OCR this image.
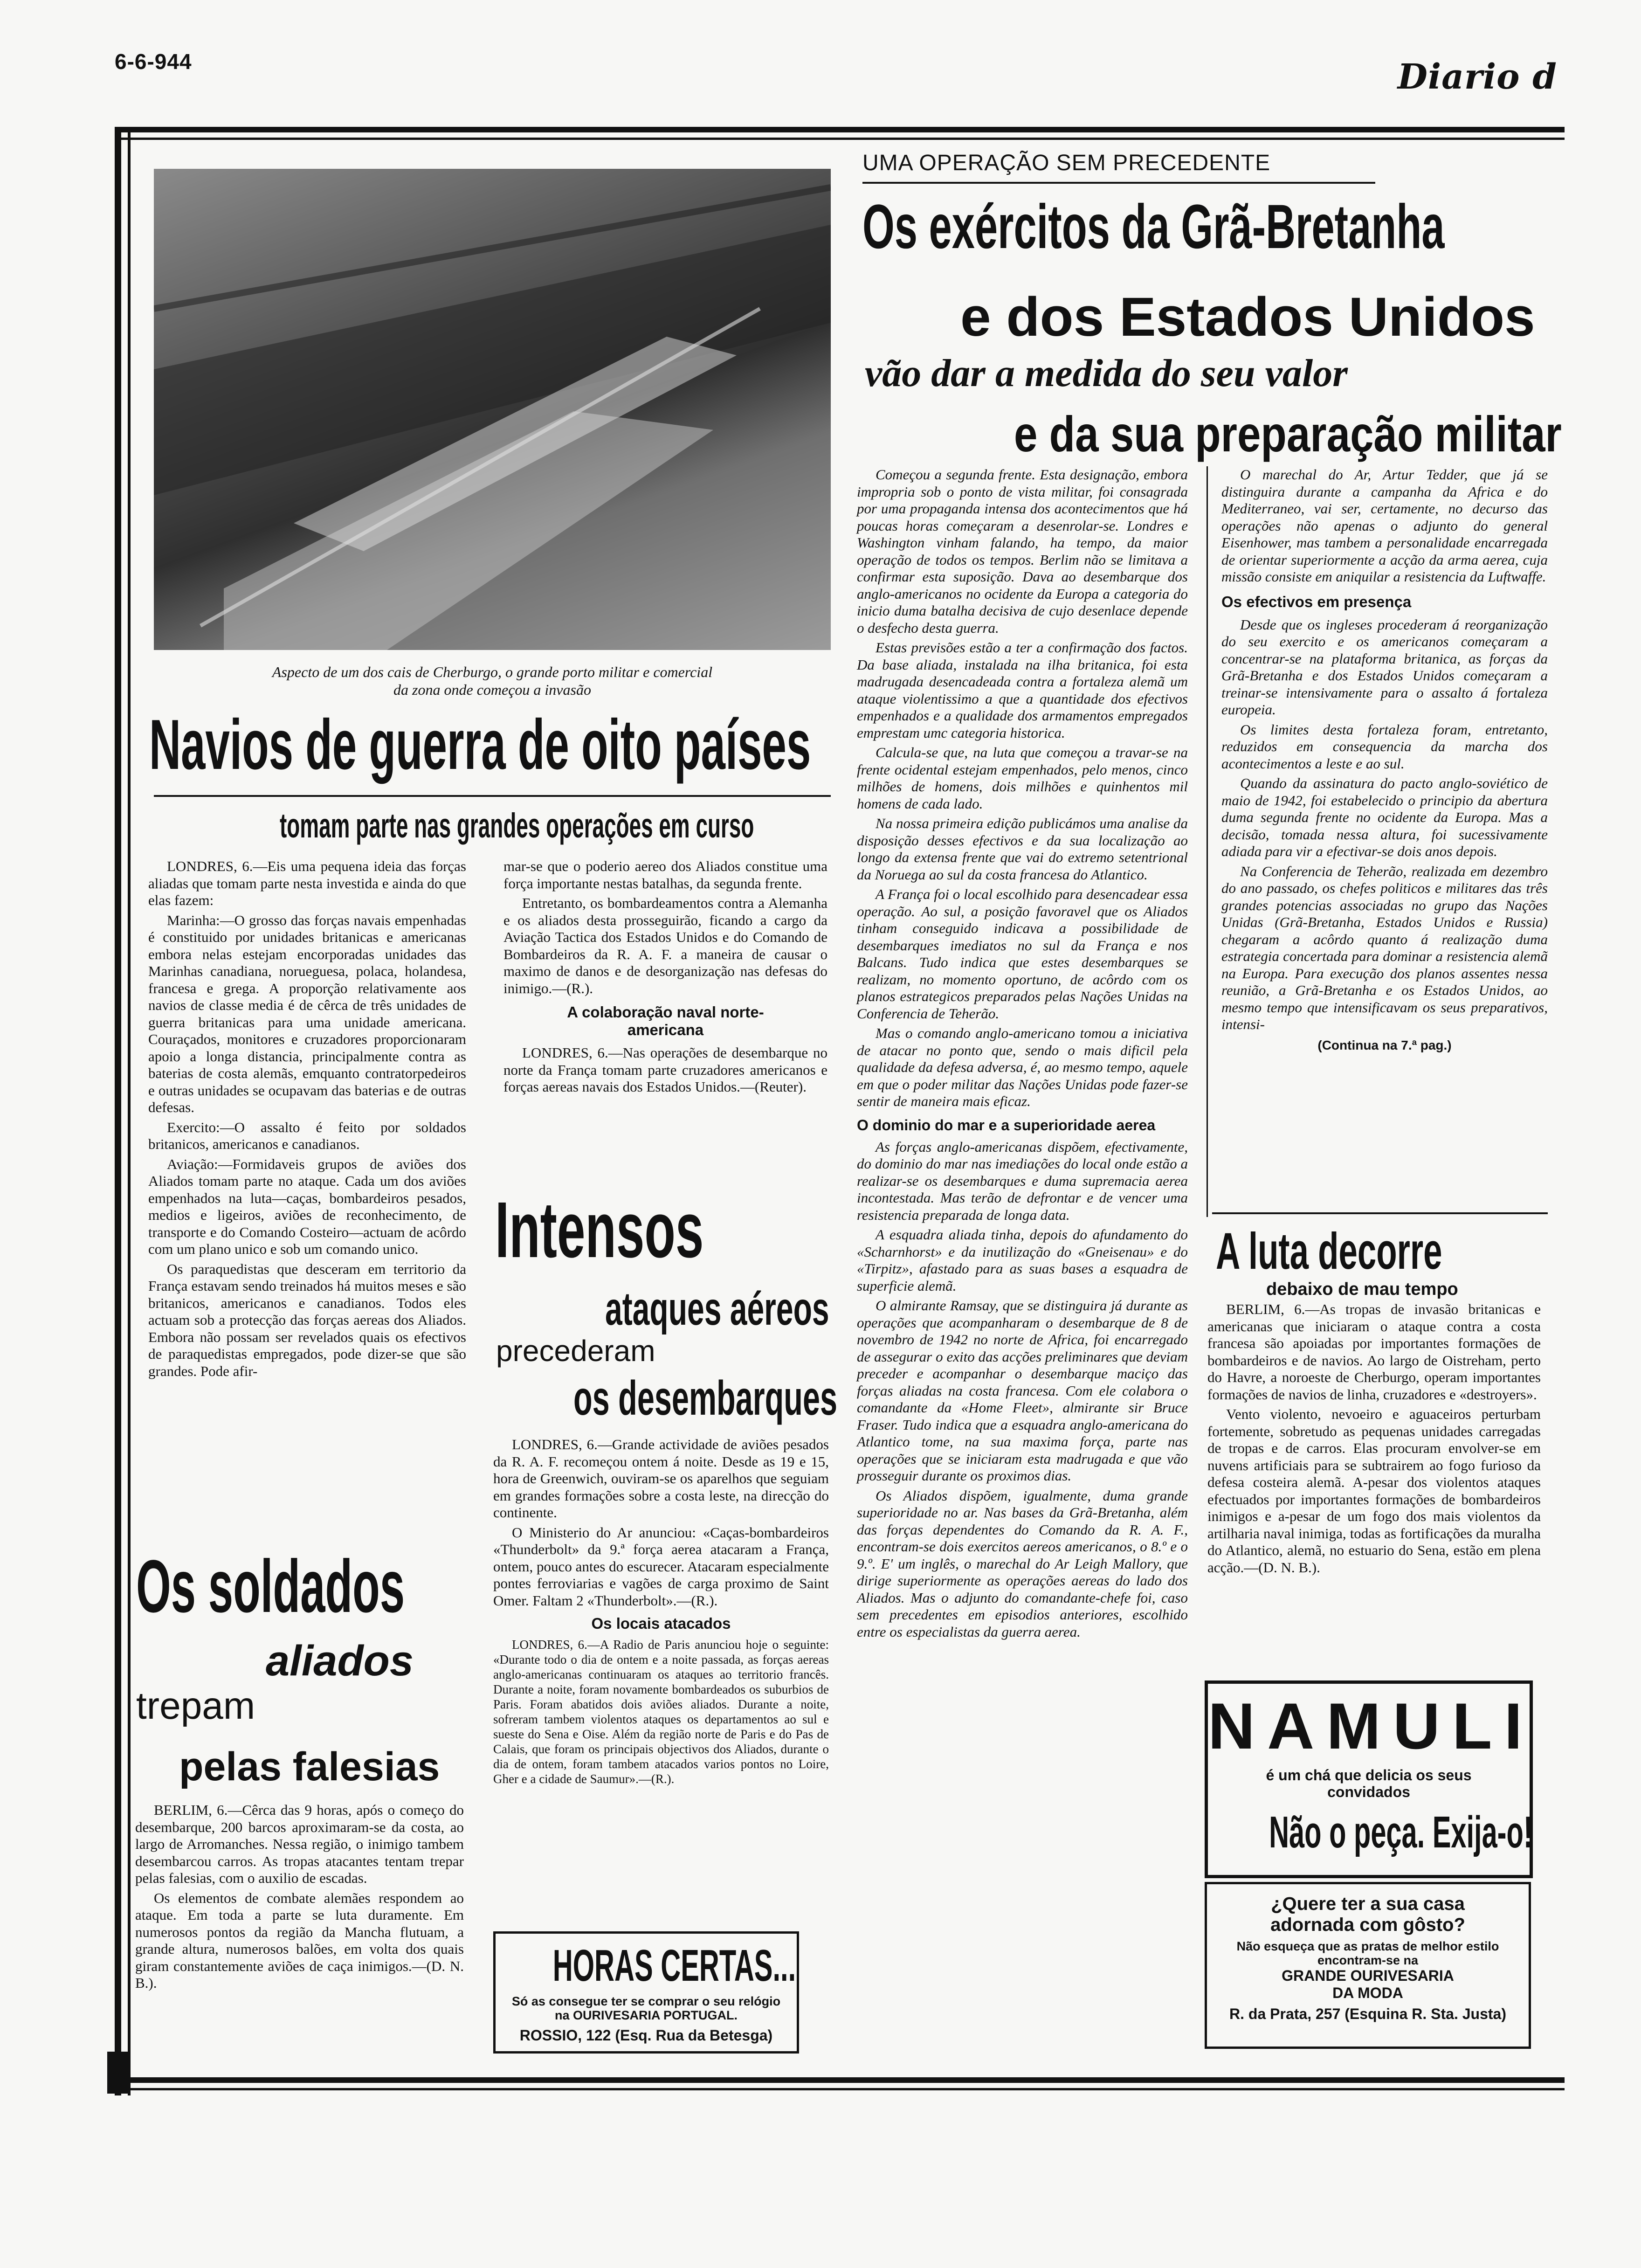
6-6-944	Diario d
Aspecto de um dos cais de Cherburgo, o grande porto militar e comercial
da zona onde começou a invasão
UMA OPERAÇÃO SEM PRECEDENTE
Os exércitos da Grã-Bretanha
e dos Estados Unidos
vão dar a medida do seu valor
e da sua preparação militar

Começou a segunda frente. Esta designação, embora impropria sob o ponto de vista militar, foi consagrada por uma propaganda intensa dos acontecimentos que há poucas horas começaram a desenrolar-se. Londres e Washington vinham falando, ha tempo, da maior operação de todos os tempos. Berlim não se limitava a confirmar esta suposição. Dava ao desembarque dos anglo-americanos no ocidente da Europa a categoria do inicio duma batalha decisiva de cujo desenlace depende o desfecho desta guerra.

Estas previsões estão a ter a confirmação dos factos. Da base aliada, instalada na ilha britanica, foi esta madrugada desencadeada contra a fortaleza alemã um ataque violentissimo a que a quantidade dos efectivos empenhados e a qualidade dos armamentos empregados emprestam umc categoria historica.

Calcula-se que, na luta que começou a travar-se na frente ocidental estejam empenhados, pelo menos, cinco milhões de homens, dois milhões e quinhentos mil homens de cada lado.

Na nossa primeira edição publicámos uma analise da disposição desses efectivos e da sua localização ao longo da extensa frente que vai do extremo setentrional da Noruega ao sul da costa francesa do Atlantico.

A França foi o local escolhido para desencadear essa operação. Ao sul, a posição favoravel que os Aliados tinham conseguido indicava a possibilidade de desembarques imediatos no sul da França e nos Balcans. Tudo indica que estes desembarques se realizam, no momento oportuno, de acôrdo com os planos estrategicos preparados pelas Nações Unidas na Conferencia de Teherão.

Mas o comando anglo-americano tomou a iniciativa de atacar no ponto que, sendo o mais dificil pela qualidade da defesa adversa, é, ao mesmo tempo, aquele em que o poder militar das Nações Unidas pode fazer-se sentir de maneira mais eficaz.

O dominio do mar e a superioridade aerea

As forças anglo-americanas dispõem, efectivamente, do dominio do mar nas imediações do local onde estão a realizar-se os desembarques e duma supremacia aerea incontestada. Mas terão de defrontar e de vencer uma resistencia preparada de longa data.

A esquadra aliada tinha, depois do afundamento do «Scharnhorst» e da inutilização do «Gneisenau» e do «Tirpitz», afastado para as suas bases a esquadra de superficie alemã.

O almirante Ramsay, que se distinguira já durante as operações que acompanharam o desembarque de 8 de novembro de 1942 no norte de Africa, foi encarregado de assegurar o exito das acções preliminares que deviam preceder e acompanhar o desembarque maciço das forças aliadas na costa francesa. Com ele colabora o comandante da «Home Fleet», almirante sir Bruce Fraser. Tudo indica que a esquadra anglo-americana do Atlantico tome, na sua maxima força, parte nas operações que se iniciaram esta madrugada e que vão prosseguir durante os proximos dias.

Os Aliados dispõem, igualmente, duma grande superioridade no ar. Nas bases da Grã-Bretanha, além das forças dependentes do Comando da R. A. F., encontram-se dois exercitos aereos americanos, o 8.º e o 9.º. E' um inglês, o marechal do Ar Leigh Mallory, que dirige superiormente as operações aereas do lado dos Aliados. Mas o adjunto do comandante-chefe foi, caso sem precedentes em episodios anteriores, escolhido entre os especialistas da guerra aerea.

O marechal do Ar, Artur Tedder, que já se distinguira durante a campanha da Africa e do Mediterraneo, vai ser, certamente, no decurso das operações não apenas o adjunto do general Eisenhower, mas tambem a personalidade encarregada de orientar superiormente a acção da arma aerea, cuja missão consiste em aniquilar a resistencia da Luftwaffe.

Os efectivos em presença

Desde que os ingleses procederam á reorganização do seu exercito e os americanos começaram a concentrar-se na plataforma britanica, as forças da Grã-Bretanha e dos Estados Unidos começaram a treinar-se intensivamente para o assalto á fortaleza europeia.

Os limites desta fortaleza foram, entretanto, reduzidos em consequencia da marcha dos acontecimentos a leste e ao sul.

Quando da assinatura do pacto anglo-soviético de maio de 1942, foi estabelecido o principio da abertura duma segunda frente no ocidente da Europa. Mas a decisão, tomada nessa altura, foi sucessivamente adiada para vir a efectivar-se dois anos depois.

Na Conferencia de Teherão, realizada em dezembro do ano passado, os chefes politicos e militares das três grandes potencias associadas no grupo das Nações Unidas (Grã-Bretanha, Estados Unidos e Russia) chegaram a acôrdo quanto á realização duma estrategia concertada para dominar a resistencia alemã na Europa. Para execução dos planos assentes nessa reunião, a Grã-Bretanha e os Estados Unidos, ao mesmo tempo que intensificavam os seus preparativos, intensi-

(Continua na 7.ª pag.)
Navios de guerra de oito países
tomam parte nas grandes operações em curso

LONDRES, 6.—Eis uma pequena ideia das forças aliadas que tomam parte nesta investida e ainda do que elas fazem:

Marinha:—O grosso das forças navais empenhadas é constituido por unidades britanicas e americanas embora nelas estejam encorporadas unidades das Marinhas canadiana, norueguesa, polaca, holandesa, francesa e grega. A proporção relativamente aos navios de classe media é de cêrca de três unidades de guerra britanicas para uma unidade americana. Couraçados, monitores e cruzadores proporcionaram apoio a longa distancia, principalmente contra as baterias de costa alemãs, emquanto contratorpedeiros e outras unidades se ocupavam das baterias e de outras defesas.

Exercito:—O assalto é feito por soldados britanicos, americanos e canadianos.

Aviação:—Formidaveis grupos de aviões dos Aliados tomam parte no ataque. Cada um dos aviões empenhados na luta—caças, bombardeiros pesados, medios e ligeiros, aviões de reconhecimento, de transporte e do Comando Costeiro—actuam de acôrdo com um plano unico e sob um comando unico.

Os paraquedistas que desceram em territorio da França estavam sendo treinados há muitos meses e são britanicos, americanos e canadianos. Todos eles actuam sob a protecção das forças aereas dos Aliados. Embora não possam ser revelados quais os efectivos de paraquedistas empregados, pode dizer-se que são grandes. Pode afir-

mar-se que o poderio aereo dos Aliados constitue uma força importante nestas batalhas, da segunda frente.

Entretanto, os bombardeamentos contra a Alemanha e os aliados desta prosseguirão, ficando a cargo da Aviação Tactica dos Estados Unidos e do Comando de Bombardeiros da R. A. F. a maneira de causar o maximo de danos e de desorganização nas defesas do inimigo.—(R.).

A colaboração naval norte-americana

LONDRES, 6.—Nas operações de desembarque no norte da França tomam parte cruzadores americanos e forças aereas navais dos Estados Unidos.—(Reuter).

Intensos
ataques aéreos
precederam
os desembarques

LONDRES, 6.—Grande actividade de aviões pesados da R. A. F. recomeçou ontem á noite. Desde as 19 e 15, hora de Greenwich, ouviram-se os aparelhos que seguiam em grandes formações sobre a costa leste, na direcção do continente.

O Ministerio do Ar anunciou: «Caças-bombardeiros «Thunderbolt» da 9.ª força aerea atacaram a França, ontem, pouco antes do escurecer. Atacaram especialmente pontes ferroviarias e vagões de carga proximo de Saint Omer. Faltam 2 «Thunderbolt».—(R.).

Os locais atacados

LONDRES, 6.—A Radio de Paris anunciou hoje o seguinte: «Durante todo o dia de ontem e a noite passada, as forças aereas anglo-americanas continuaram os ataques ao territorio francês. Durante a noite, foram novamente bombardeados os suburbios de Paris. Foram abatidos dois aviões aliados. Durante a noite, sofreram tambem violentos ataques os departamentos ao sul e sueste do Sena e Oise. Além da região norte de Paris e do Pas de Calais, que foram os principais objectivos dos Aliados, durante o dia de ontem, foram tambem atacados varios pontos no Loire, Gher e a cidade de Saumur».—(R.).

HORAS CERTAS...
Só as consegue ter se comprar o seu relógio na OURIVESARIA PORTUGAL.
ROSSIO, 122 (Esq. Rua da Betesga)
Os soldados
aliados
trepam
pelas falesias

BERLIM, 6.—Cêrca das 9 horas, após o começo do desembarque, 200 barcos aproximaram-se da costa, ao largo de Arromanches. Nessa região, o inimigo tambem desembarcou carros. As tropas atacantes tentam trepar pelas falesias, com o auxilio de escadas.

Os elementos de combate alemães respondem ao ataque. Em toda a parte se luta duramente. Em numerosos pontos da região da Mancha flutuam, a grande altura, numerosos balões, em volta dos quais giram constantemente aviões de caça inimigos.—(D. N. B.).

A luta decorre
debaixo de mau tempo

BERLIM, 6.—As tropas de invasão britanicas e americanas que iniciaram o ataque contra a costa francesa são apoiadas por importantes formações de bombardeiros e de navios. Ao largo de Oistreham, perto do Havre, a noroeste de Cherburgo, operam importantes formações de navios de linha, cruzadores e «destroyers».

Vento violento, nevoeiro e aguaceiros perturbam fortemente, sobretudo as pequenas unidades carregadas de tropas e de carros. Elas procuram envolver-se em nuvens artificiais para se subtrairem ao fogo furioso da defesa costeira alemã. A-pesar dos violentos ataques efectuados por importantes formações de bombardeiros inimigos e a-pesar de um fogo dos mais violentos da artilharia naval inimiga, todas as fortificações da muralha do Atlantico, alemã, no estuario do Sena, estão em plena acção.—(D. N. B.).

NAMULI
é um chá que delicia os seus convidados
Não o peça. Exija-o!
¿Quere ter a sua casa
adornada com gôsto?
Não esqueça que as pratas de melhor estilo encontram-se na
GRANDE OURIVESARIA
DA MODA
R. da Prata, 257 (Esquina R. Sta. Justa)
